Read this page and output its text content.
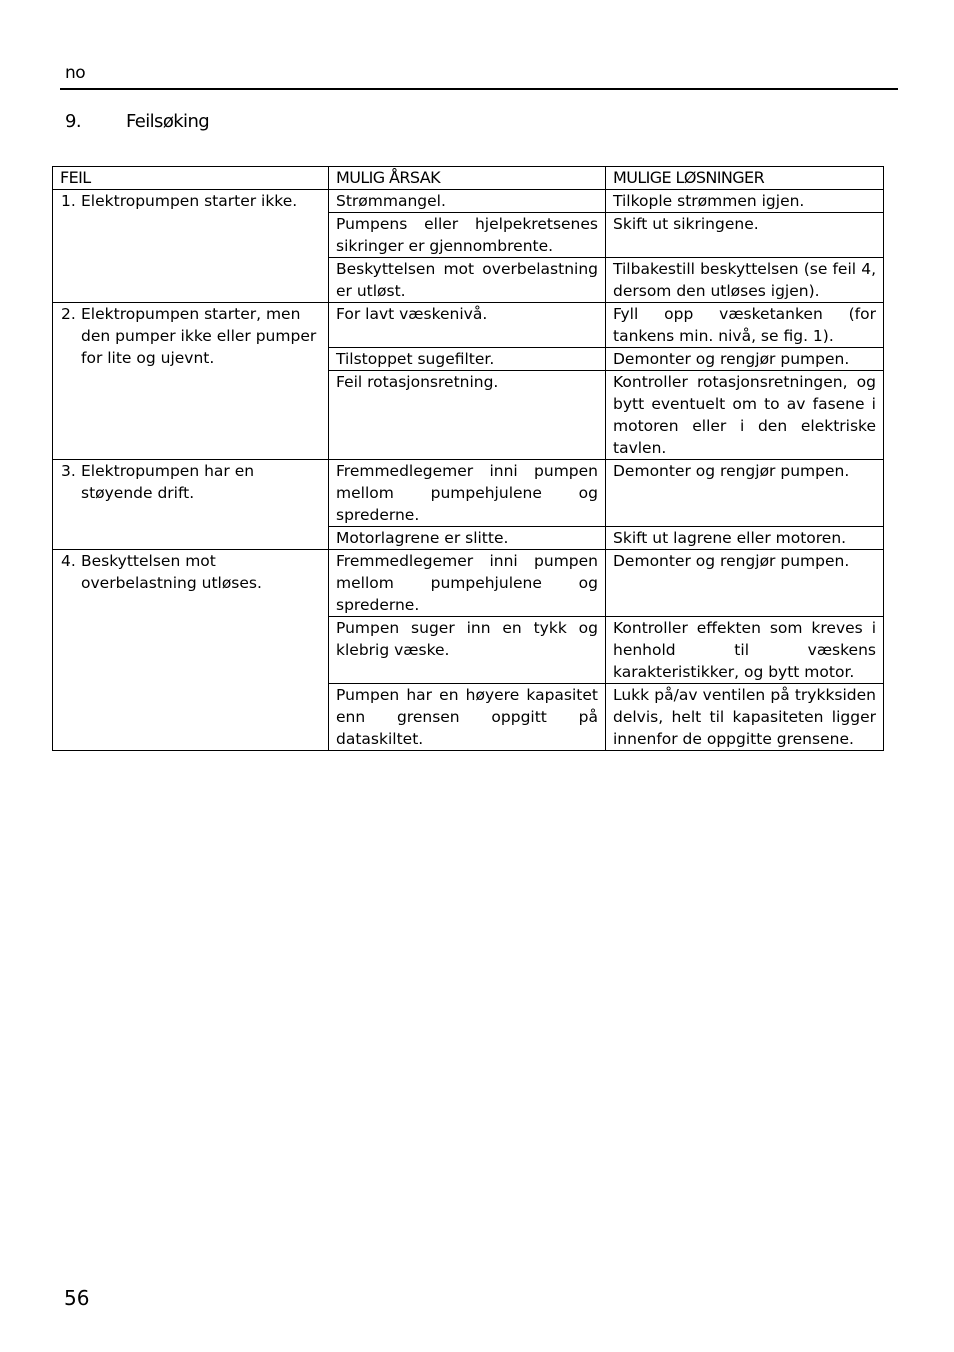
no
9.	Feilsøking
FEIL	MULIG ÅRSAK	MULIGE LØSNINGER

1. Elektropumpen starter ikke.	Strømmangel.	Tilkople strømmen igjen.
	Pumpens eller hjelpekretsenes sikringer er gjennombrente.	Skift ut sikringene.
	Beskyttelsen mot overbelastning er utløst.	Tilbakestill beskyttelsen (se feil 4, dersom den utløses igjen).

2. Elektropumpen starter, men den pumper ikke eller pumper for lite og ujevnt.	For lavt væskenivå.	Fyll opp væsketanken (for tankens min. nivå, se fig. 1).
	Tilstoppet sugefilter.	Demonter og rengjør pumpen.
	Feil rotasjonsretning.	Kontroller rotasjonsretningen, og bytt eventuelt om to av fasene i motoren eller i den elektriske tavlen.

3. Elektropumpen har en støyende drift.	Fremmedlegemer inni pumpen mellom pumpehjulene og sprederne.	Demonter og rengjør pumpen.
	Motorlagrene er slitte.	Skift ut lagrene eller motoren.

4. Beskyttelsen mot overbelastning utløses.	Fremmedlegemer inni pumpen mellom pumpehjulene og sprederne.	Demonter og rengjør pumpen.
	Pumpen suger inn en tykk og klebrig væske.	Kontroller effekten som kreves i henhold til væskens karakteristikker, og bytt motor.
	Pumpen har en høyere kapasitet enn grensen oppgitt på dataskiltet.	Lukk på/av ventilen på trykksiden delvis, helt til kapasiteten ligger innenfor de oppgitte grensene.
56
